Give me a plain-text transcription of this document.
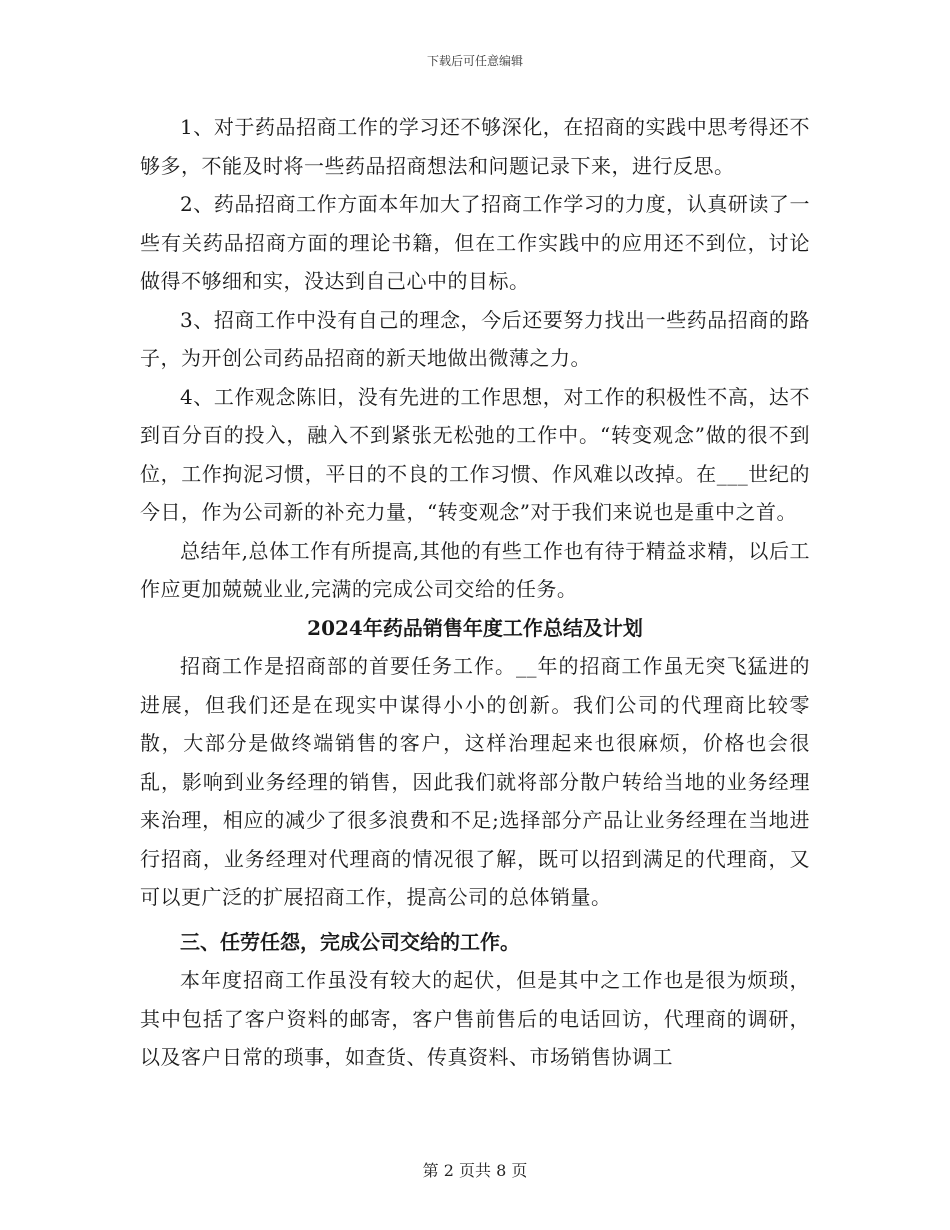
下载后可任意编辑

1、对于药品招商工作的学习还不够深化，在招商的实践中思考得还不够多，不能及时将一些药品招商想法和问题记录下来，进行反思。

2、药品招商工作方面本年加大了招商工作学习的力度，认真研读了一些有关药品招商方面的理论书籍，但在工作实践中的应用还不到位，讨论做得不够细和实，没达到自己心中的目标。

3、招商工作中没有自己的理念，今后还要努力找出一些药品招商的路子，为开创公司药品招商的新天地做出微薄之力。

4、工作观念陈旧，没有先进的工作思想，对工作的积极性不高，达不到百分百的投入，融入不到紧张无松弛的工作中。“转变观念”做的很不到位，工作拘泥习惯，平日的不良的工作习惯、作风难以改掉。在___世纪的今日，作为公司新的补充力量，“转变观念”对于我们来说也是重中之首。

总结年,总体工作有所提高,其他的有些工作也有待于精益求精，以后工作应更加兢兢业业,完满的完成公司交给的任务。

2024年药品销售年度工作总结及计划

招商工作是招商部的首要任务工作。__年的招商工作虽无突飞猛进的进展，但我们还是在现实中谋得小小的创新。我们公司的代理商比较零散，大部分是做终端销售的客户，这样治理起来也很麻烦，价格也会很乱，影响到业务经理的销售，因此我们就将部分散户转给当地的业务经理来治理，相应的减少了很多浪费和不足;选择部分产品让业务经理在当地进行招商，业务经理对代理商的情况很了解，既可以招到满足的代理商，又可以更广泛的扩展招商工作，提高公司的总体销量。

三、任劳任怨，完成公司交给的工作。

本年度招商工作虽没有较大的起伏，但是其中之工作也是很为烦琐，其中包括了客户资料的邮寄，客户售前售后的电话回访，代理商的调研，以及客户日常的琐事，如查货、传真资料、市场销售协调工

第 2 页共 8 页
